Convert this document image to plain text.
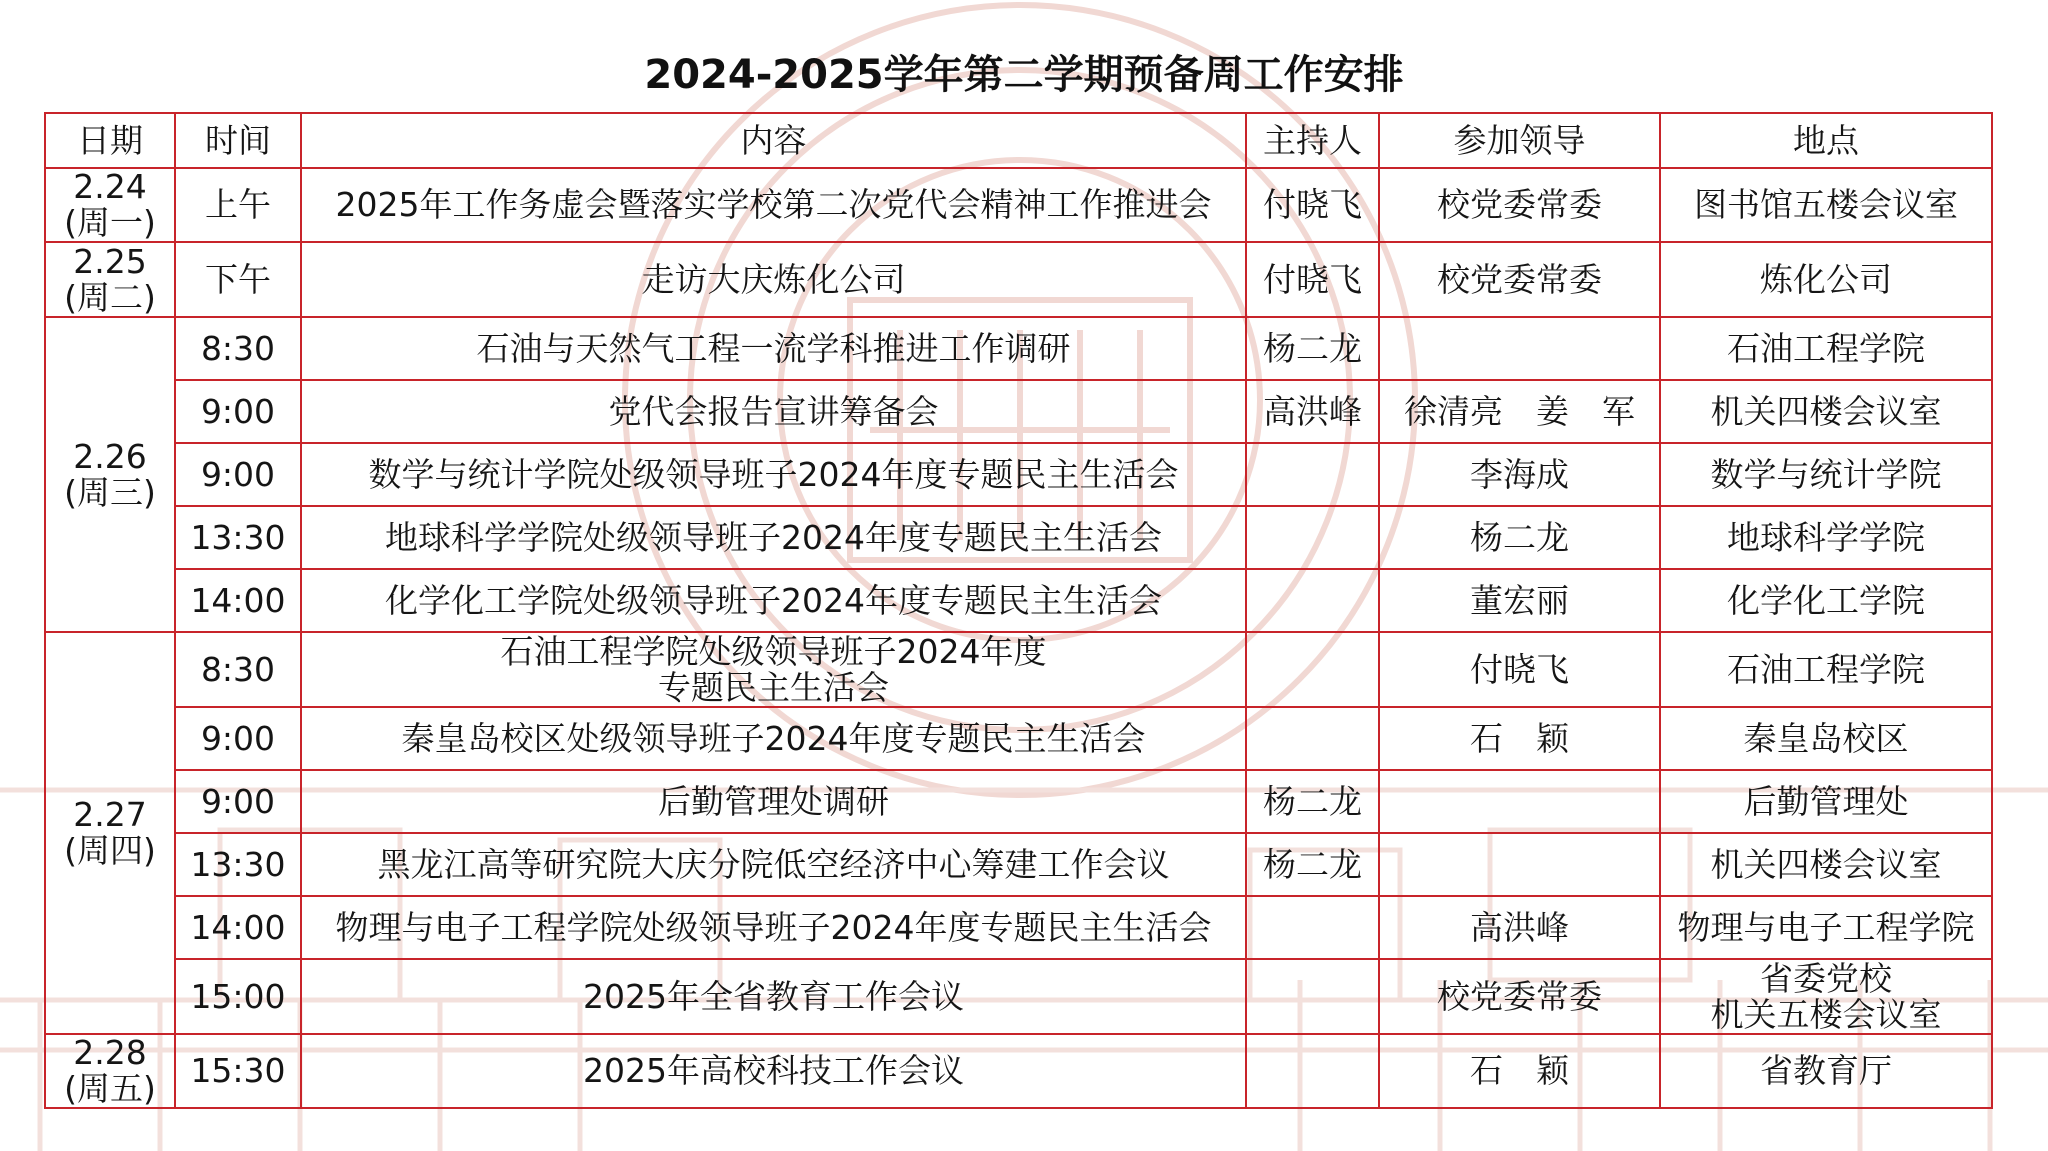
2024-2025学年第二学期预备周工作安排
日期	时间	内容	主持人	参加领导	地点

2.24
(周一)	上午	2025年工作务虚会暨落实学校第二次党代会精神工作推进会	付晓飞	校党委常委	图书馆五楼会议室

2.25
(周二)	下午	走访大庆炼化公司	付晓飞	校党委常委	炼化公司

2.26
(周三)	8:30	石油与天然气工程一流学科推进工作调研	杨二龙		石油工程学院
	9:00	党代会报告宣讲筹备会	高洪峰	徐清亮　姜　军	机关四楼会议室
	9:00	数学与统计学院处级领导班子2024年度专题民主生活会		李海成	数学与统计学院
	13:30	地球科学学院处级领导班子2024年度专题民主生活会		杨二龙	地球科学学院
	14:00	化学化工学院处级领导班子2024年度专题民主生活会		董宏丽	化学化工学院

2.27
(周四)	8:30	石油工程学院处级领导班子2024年度
专题民主生活会		付晓飞	石油工程学院
	9:00	秦皇岛校区处级领导班子2024年度专题民主生活会		石　颖	秦皇岛校区
	9:00	后勤管理处调研	杨二龙		后勤管理处
	13:30	黑龙江高等研究院大庆分院低空经济中心筹建工作会议	杨二龙		机关四楼会议室
	14:00	物理与电子工程学院处级领导班子2024年度专题民主生活会		高洪峰	物理与电子工程学院
	15:00	2025年全省教育工作会议		校党委常委	省委党校
机关五楼会议室

2.28
(周五)	15:30	2025年高校科技工作会议		石　颖	省教育厅
